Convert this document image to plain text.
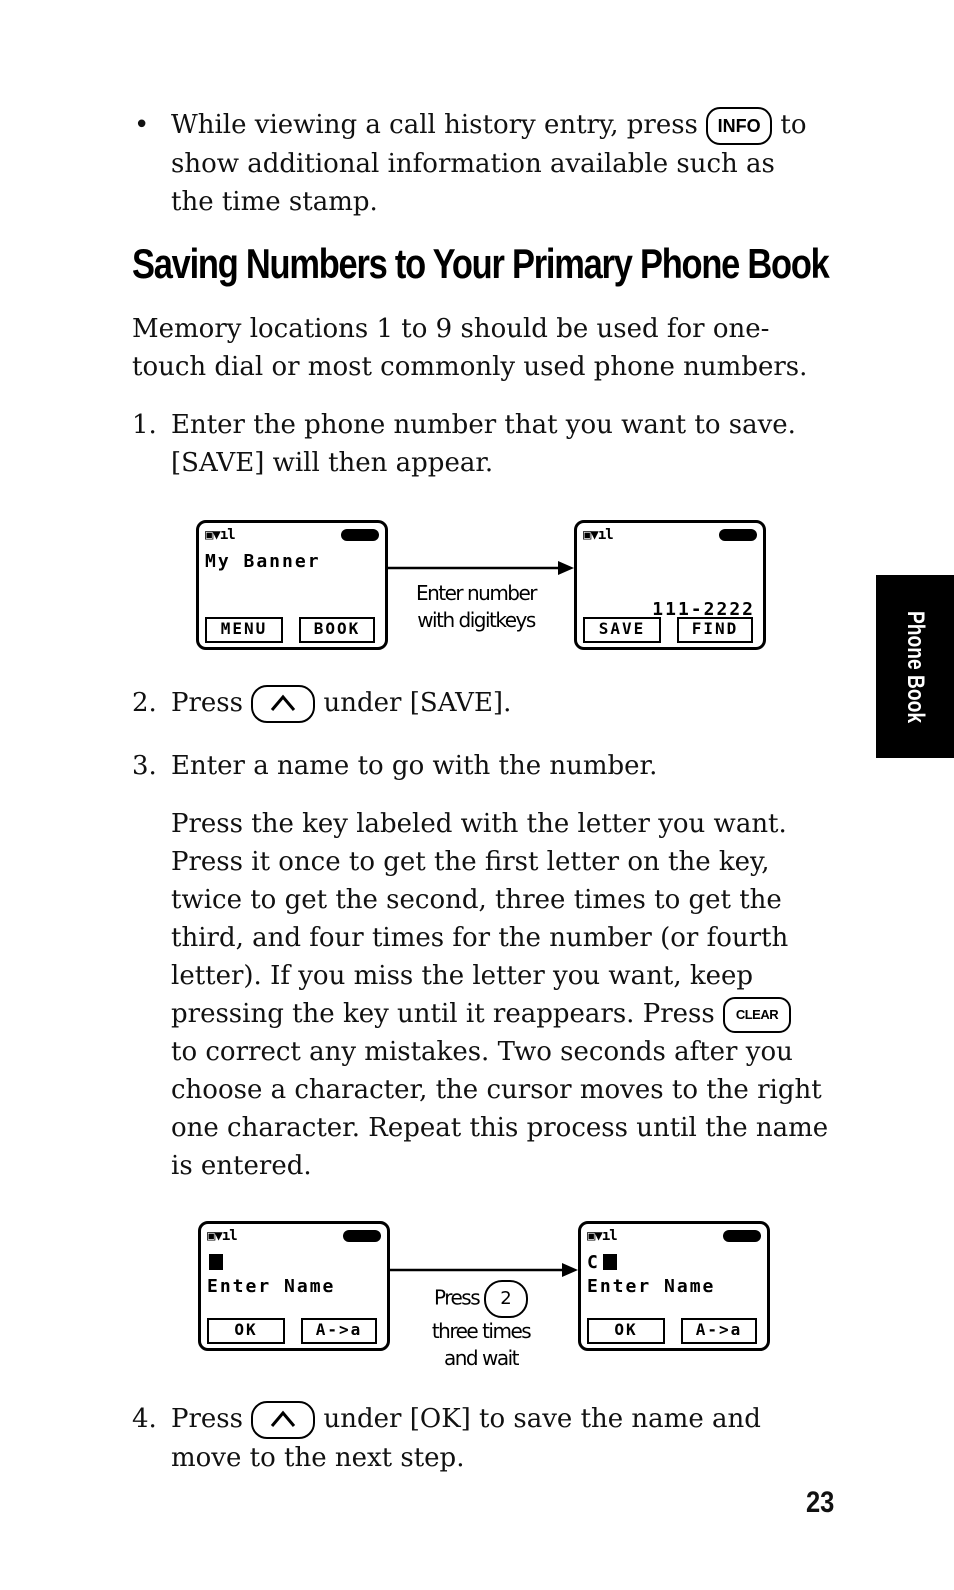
• While viewing a call history entry, press INFO to
show additional information available such as
the time stamp.
Saving Numbers to Your Primary Phone Book
Memory locations 1 to 9 should be used for one-
touch dial or most commonly used phone numbers.
1. Enter the phone number that you want to save.
[SAVE] will then appear.
▣▼ıl
My Banner
MENU	BOOK
Enter number
with digitkeys
▣▼ıl
111-2222
SAVE	FIND
2. Press
under [SAVE].
3. Enter a name to go with the number.
Press the key labeled with the letter you want.
Press it once to get the first letter on the key,
twice to get the second, three times to get the
third, and four times for the number (or fourth
letter). If you miss the letter you want, keep
pressing the key until it reappears. Press CLEAR
to correct any mistakes. Two seconds after you
choose a character, the cursor moves to the right
one character. Repeat this process until the name
is entered.
▣▼ıl
Enter Name
OK	A->a
Press 2
three times
and wait
▣▼ıl
C
Enter Name
OK	A->a
4. Press
under [OK] to save the name and
move to the next step.
Phone Book
23
